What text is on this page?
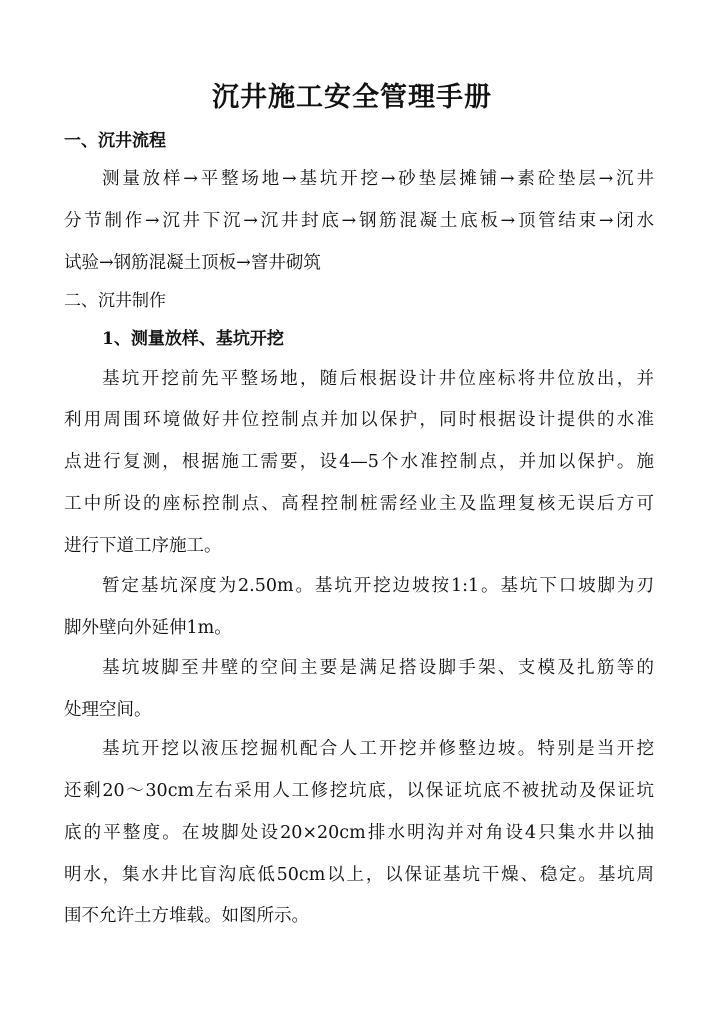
沉井施工安全管理手册
一、沉井流程
测量放样→平整场地→基坑开挖→砂垫层摊铺→素砼垫层→沉井
分节制作→沉井下沉→沉井封底→钢筋混凝土底板→顶管结束→闭水
试验→钢筋混凝土顶板→窨井砌筑
二、沉井制作
1、测量放样、基坑开挖
基坑开挖前先平整场地，随后根据设计井位座标将井位放出，并
利用周围环境做好井位控制点并加以保护，同时根据设计提供的水准
点进行复测，根据施工需要，设4—5个水准控制点，并加以保护。施
工中所设的座标控制点、高程控制桩需经业主及监理复核无误后方可
进行下道工序施工。
暂定基坑深度为2.50m。基坑开挖边坡按1:1。基坑下口坡脚为刃
脚外壁向外延伸1m。
基坑坡脚至井壁的空间主要是满足搭设脚手架、支模及扎筋等的
处理空间。
基坑开挖以液压挖掘机配合人工开挖并修整边坡。特别是当开挖
还剩20～30cm左右采用人工修挖坑底，以保证坑底不被扰动及保证坑
底的平整度。在坡脚处设20×20cm排水明沟并对角设4只集水井以抽
明水，集水井比盲沟底低50cm以上，以保证基坑干燥、稳定。基坑周
围不允许土方堆载。如图所示。
